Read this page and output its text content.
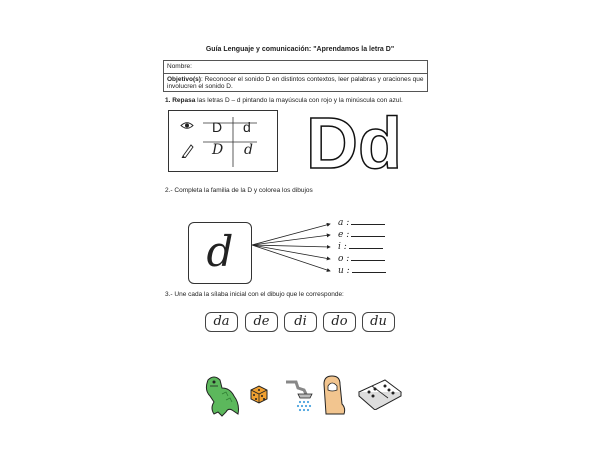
Guía Lenguaje y comunicación: "Aprendamos la letra D"
Nombre:
Objetivo(s): Reconocer el sonido D en distintos contextos, leer palabras y oraciones que involucren el sonido D.
1. Repasa las letras D – d pintando la mayúscula con rojo y la minúscula con azul.
D d
D d Dd
2.- Completa la familia de la D y colorea los dibujos
d
a :
e :
i :
o :
u :
3.- Une cada la sílaba inicial con el dibujo que le corresponde:
da	de	di	do	du
